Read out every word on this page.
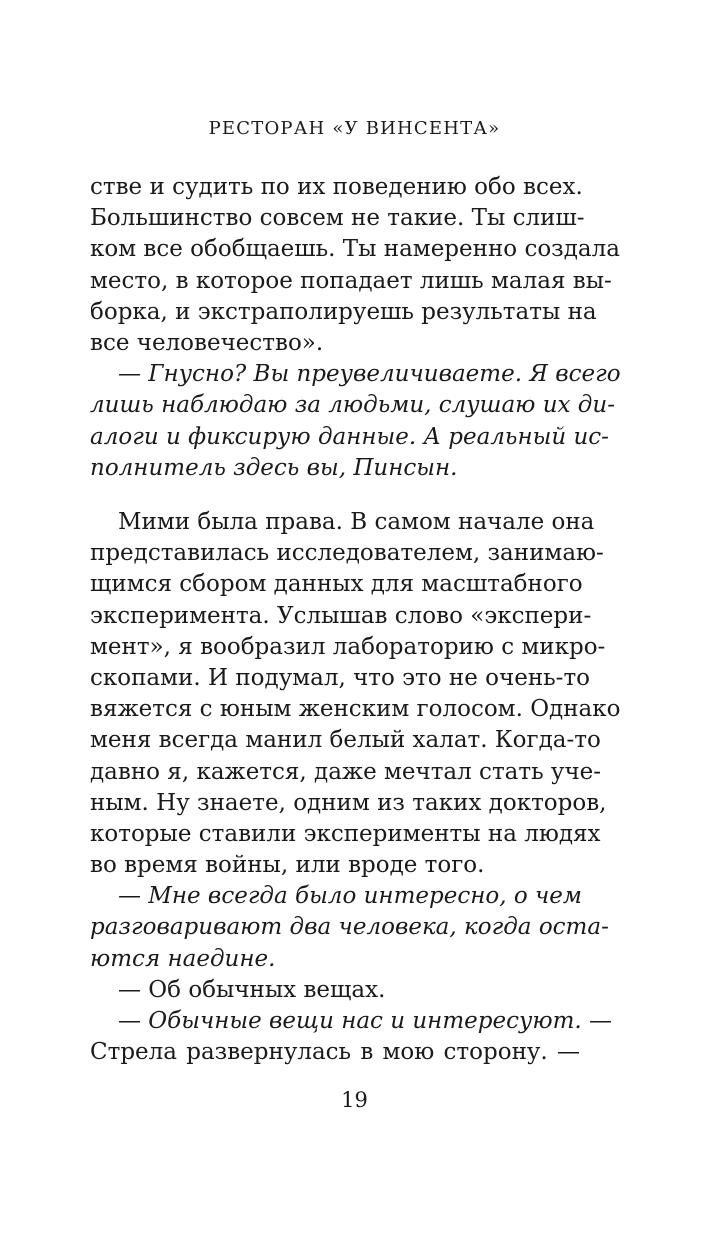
РЕСТОРАН «У ВИНСЕНТА»
стве и судить по их поведению обо всех.
Большинство совсем не такие. Ты слиш-
ком все обобщаешь. Ты намеренно создала
место, в которое попадает лишь малая вы-
борка, и экстраполируешь результаты на
все человечество».
— Гнусно? Вы преувеличиваете. Я всего
лишь наблюдаю за людьми, слушаю их ди-
алоги и фиксирую данные. А реальный ис-
полнитель здесь вы, Пинсын.
Мими была права. В самом начале она
представилась исследователем, занимаю-
щимся сбором данных для масштабного
эксперимента. Услышав слово «экспери-
мент», я вообразил лабораторию с микро-
скопами. И подумал, что это не очень-то
вяжется с юным женским голосом. Однако
меня всегда манил белый халат. Когда-то
давно я, кажется, даже мечтал стать уче-
ным. Ну знаете, одним из таких докторов,
которые ставили эксперименты на людях
во время войны, или вроде того.
— Мне всегда было интересно, о чем
разговаривают два человека, когда оста-
ются наедине.
— Об обычных вещах.
— Обычные вещи нас и интересуют. —
Стрела развернулась в мою сторону. —
19
